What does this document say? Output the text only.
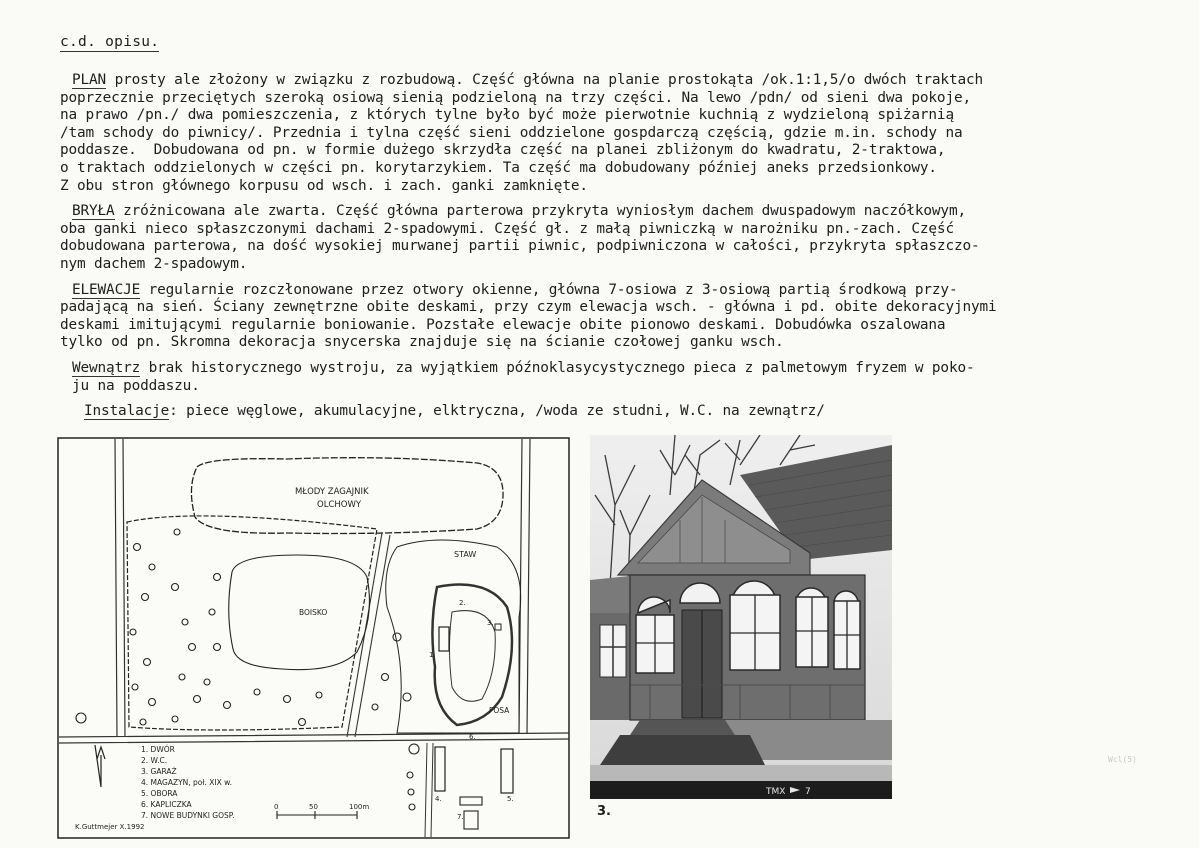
c.d. opisu.
PLAN prosty ale złożony w związku z rozbudową. Część główna na planie prostokąta /ok.1:1,5/o dwóch traktach
poprzecznie przeciętych szeroką osiową sienią podzieloną na trzy części. Na lewo /pdn/ od sieni dwa pokoje,
na prawo /pn./ dwa pomieszczenia, z których tylne było być może pierwotnie kuchnią z wydzieloną spiżarnią
/tam schody do piwnicy/. Przednia i tylna część sieni oddzielone gospdarczą częścią, gdzie m.in. schody na
poddasze.  Dobudowana od pn. w formie dużego skrzydła część na planei zbliżonym do kwadratu, 2-traktowa,
o traktach oddzielonych w części pn. korytarzykiem. Ta część ma dobudowany później aneks przedsionkowy.
Z obu stron głównego korpusu od wsch. i zach. ganki zamknięte.
BRYŁA zróżnicowana ale zwarta. Część główna parterowa przykryta wyniosłym dachem dwuspadowym naczółkowym,
oba ganki nieco spłaszczonymi dachami 2-spadowymi. Część gł. z małą piwniczką w narożniku pn.-zach. Część
dobudowana parterowa, na dość wysokiej murwanej partii piwnic, podpiwniczona w całości, przykryta spłaszczo-
nym dachem 2-spadowym.
ELEWACJE regularnie rozczłonowane przez otwory okienne, główna 7-osiowa z 3-osiową partią środkową przy-
padającą na sień. Ściany zewnętrzne obite deskami, przy czym elewacja wsch. - główna i pd. obite dekoracyjnymi
deskami imitującymi regularnie boniowanie. Pozstałe elewacje obite pionowo deskami. Dobudówka oszalowana
tylko od pn. Skromna dekoracja snycerska znajduje się na ścianie czołowej ganku wsch.
Wewnątrz brak historycznego wystroju, za wyjątkiem późnoklasycystycznego pieca z palmetowym fryzem w poko-
ju na poddaszu.
Instalacje: piece węglowe, akumulacyjne, elktryczna, /woda ze studni, W.C. na zewnątrz/
MŁODY ZAGAJNIK
OLCHOWY
STAW
BOISKO
FOSA
1.
2.
3.
4.	5.
6.
7.
1. DWÓR
2. W.C.
3. GARAŻ
4. MAGAZYN, poł. XIX w.
5. OBORA
6. KAPLICZKA
7. NOWE BUDYNKI GOSP.
0	50	100m
K.Guttmejer X.1992
TMX 7
3.
Wcl(5)
